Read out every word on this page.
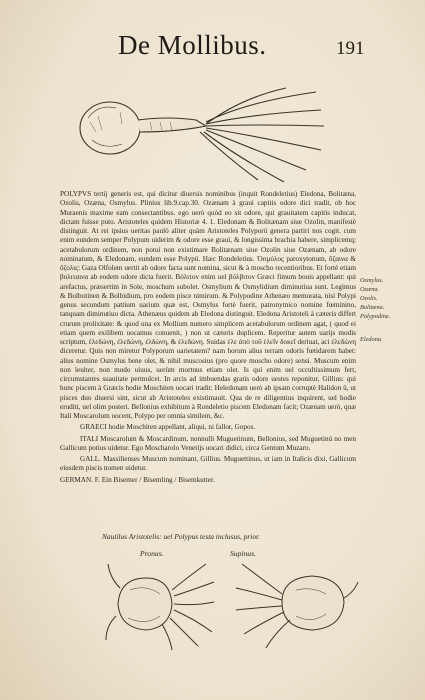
De Mollibus.	191

POLYPVS tertij generis est, qui dicitur diuersis nominibus (inquit Rondeletius) Eledona, Bolitæna, Ozolis, Ozæna, Osmylus. Plinius lib.9.cap.30. Ozænam à graui capitis odore dici tradit, ob hoc Muraenis maxime eam consectantibus. ego uerò quòd eo sit odore, qui grauitatem capitis inducat, dictam fuisse puto. Aristoteles quidem Historiæ 4. 1. Eledonam & Bolitænam siue Ozolin, manifestè distinguit. At rei ipsius ueritas paulò aliter quàm Aristoteles Polyporü genera partiri nos cogit. cum enim eundem semper Polypum uiderim & odore esse grauì, & longissima brachia habere, simplicemq; acetabulorum ordinem, non potui non existimare Bolitænam siue Ozolin siue Ozænam, ab odore nominatum, & Eledonam, eundem esse Polypü. Hæc Rondeletius. Ὀσμύλος paroxytonum, ὄζαινα & ὄζολις: Gaza Olfolem uertit ab odore facta sunt nomina, sicut & à moscho recentioribus. Et fortè etiam βολιταινα ab eodem odore dicta fuerit. Βόλιτον enim uel βόλβιτον Græci fimum bouis appellant: qui arefactus, præsertim in Sole, moschum subolet. Osmylium & Osmylidium diminutiua sunt. Legimus & Bolbotinen & Bolbidium, pro eodem pisce nimirum. & Polypodine Athenæo memorata, nisi Polypi genus secundum pattium uarium quæ est, Osmylus fortè fuerit, patronymico nomine fœminino, tanquam diminutiuo dicta. Athenæus quidem ab Eledona distinguit. Eledona Aristoteli à cæteris differt crurum prolixitate: & quod una ex Mollium numero simplicem acetabulorum ordinem agat, ( quod ei etiam quem exilibem uocamus conuenit, ) non ut cæteris duplicem. Reperitur autem uarijs modis scriptum, ἐλεδώνη, ἐλεδώνη, ἐλδώνη, & ἑλεδώνη. Suidas ἑλε ἀπὸ τοῦ ἑλεῖν δοκεῖ deriuat, aci ἐλεδώνη diceretur. Quis non miretur Polyporum uarietatem? nam horum alius terram odoris fœtidarem habet: alius nomine Osmylus bene olet, & nihil muscosius (pro quore moscho odore) sensi. Muscum enim non leuiter, non modo uiuus, uerùm mortuus etiam olet. Is qui enim uel occultissimum fert, circumstantes suauitate permulcet. In arcis ad imbuendas gratis odore uestes reponitur, Gillius: qui hunc piscem à Græcis hodie Moschiten uocari tradit: Heledonam uerò ab ipsam corruptè Halidon ü, ut pisces duo diuersi sint, sicut ab Aristoteles existimauit. Qua de re diligentius inquirent, uel hodie eruditi, uel olim posteri. Bellonius exhibitum à Rondeletio piscem Eledonam facit; Ozænam uerò, quæ Itali Moscarolum uocent, Polypo per omnia similem, &c.

GRAECI hodie Moschiten appellant, aliqui, ni fallor, Gopos.

ITALI Moscarolum & Moscardinum, nonnulli Muguetinum, Bellonius, sed Muguetinú no men Gallicum potius uidetur. Ego Moscharolo Venetijs uocari didici, circa Gentum Muzaro.

GALL. Massilienses Muscum nominant, Gillius. Muguettinus, ut iam in Italicis dixi, Gallicum eiusdem piscis nomen uidetur.

GERMAN. F. Ein Bisemer / Bisemling / Bisemkutter.

Osmylus.
Ozæna.
Ozolis.
Bolitæna.
Polypodine.
Eledona.
Nautilus Aristotelis: uel Polypus testa inclusus, prior.
Pronus.	Supinus.
